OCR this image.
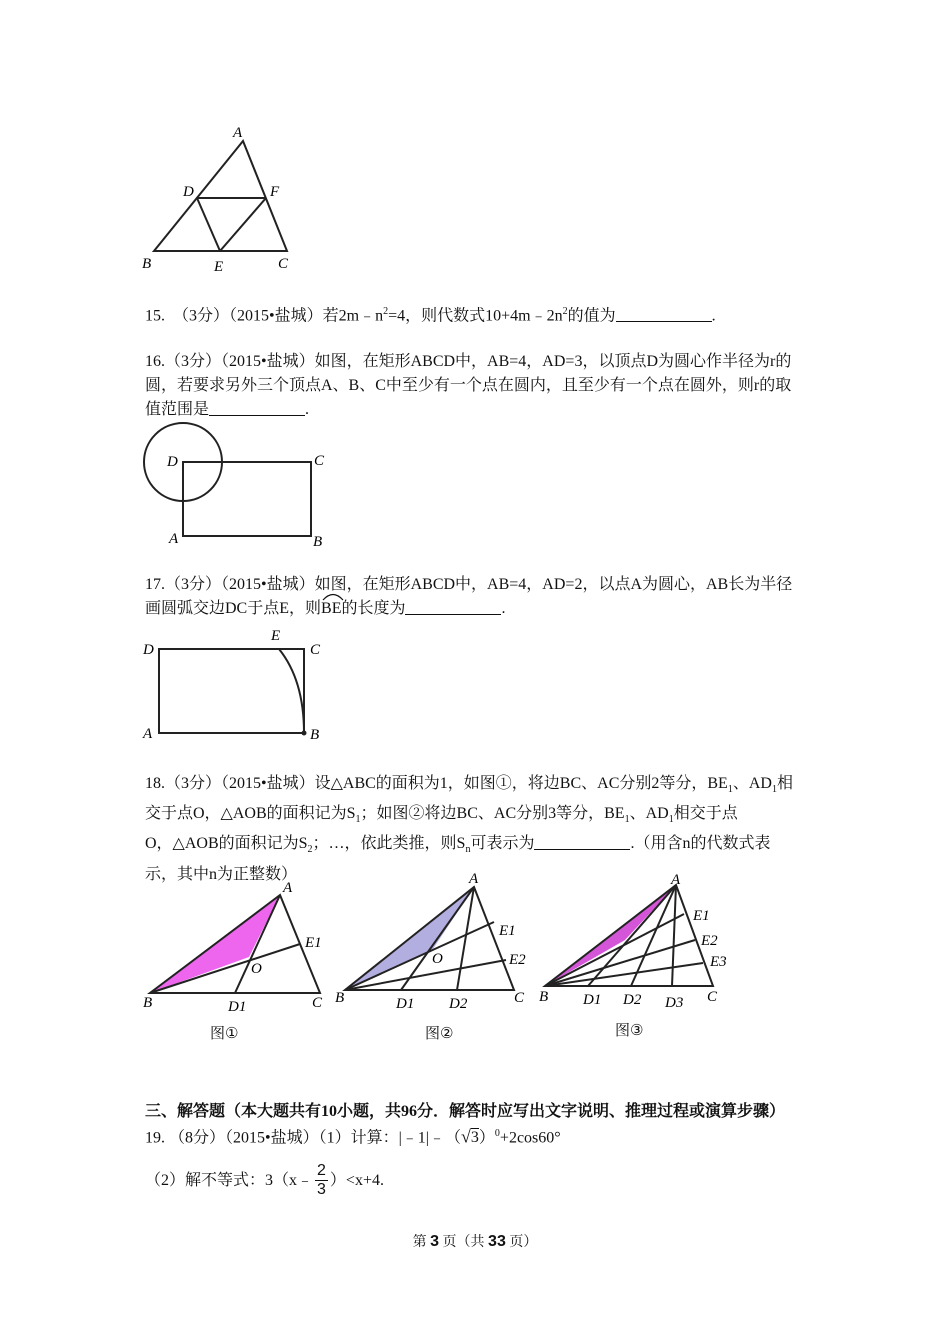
A
D	F
B	E	C
15. （3分）（2015•盐城）若$2m﹣n^2=4$，则代数式$10+4m﹣2n^2$的值为	.
16.（3分）（2015•盐城）如图，在矩形ABCD中，AB=4，AD=3，以顶点D为圆心作半径为r的
圆，若要求另外三个顶点A、B、C中至少有一个点在圆内，且至少有一个点在圆外，则r的取
值范围是	.
D	C
A	B
17.（3分）（2015•盐城）如图，在矩形ABCD中，AB=4，AD=2，以点A为圆心，AB长为半径
画圆弧交边DC于点E，则
BE的长度为	.
E
D	C
A	B
18.（3分）（2015•盐城）设△ABC的面积为1，如图①，将边BC、AC分别2等分，$BE_1$、$AD_1$相
交于点O，△AOB的面积记为$S_1$；如图②将边BC、AC分别3等分，$BE_1$、$AD_1$相交于点
O，△AOB的面积记为$S_2$；…，依此类推，则$S_n$可表示为	.（用含n的代数式表
示，其中n为正整数）
A
E1
O
B	D1	C
图①
A
E1
E2
O
B	D1 D2	C
图②
A
E1
E2
E3
B D1 D2 D3 C
图③
三、解答题（本大题共有10小题，共96分．解答时应写出文字说明、推理过程或演算步骤）
19. （8分）（2015•盐城）（1）计算：$|﹣1|﹣(√3)^0+2\cos 60^\circ$
（2）解不等式：3（x﹣
2
3
）<x+4.
第 3 页（共 33 页）
